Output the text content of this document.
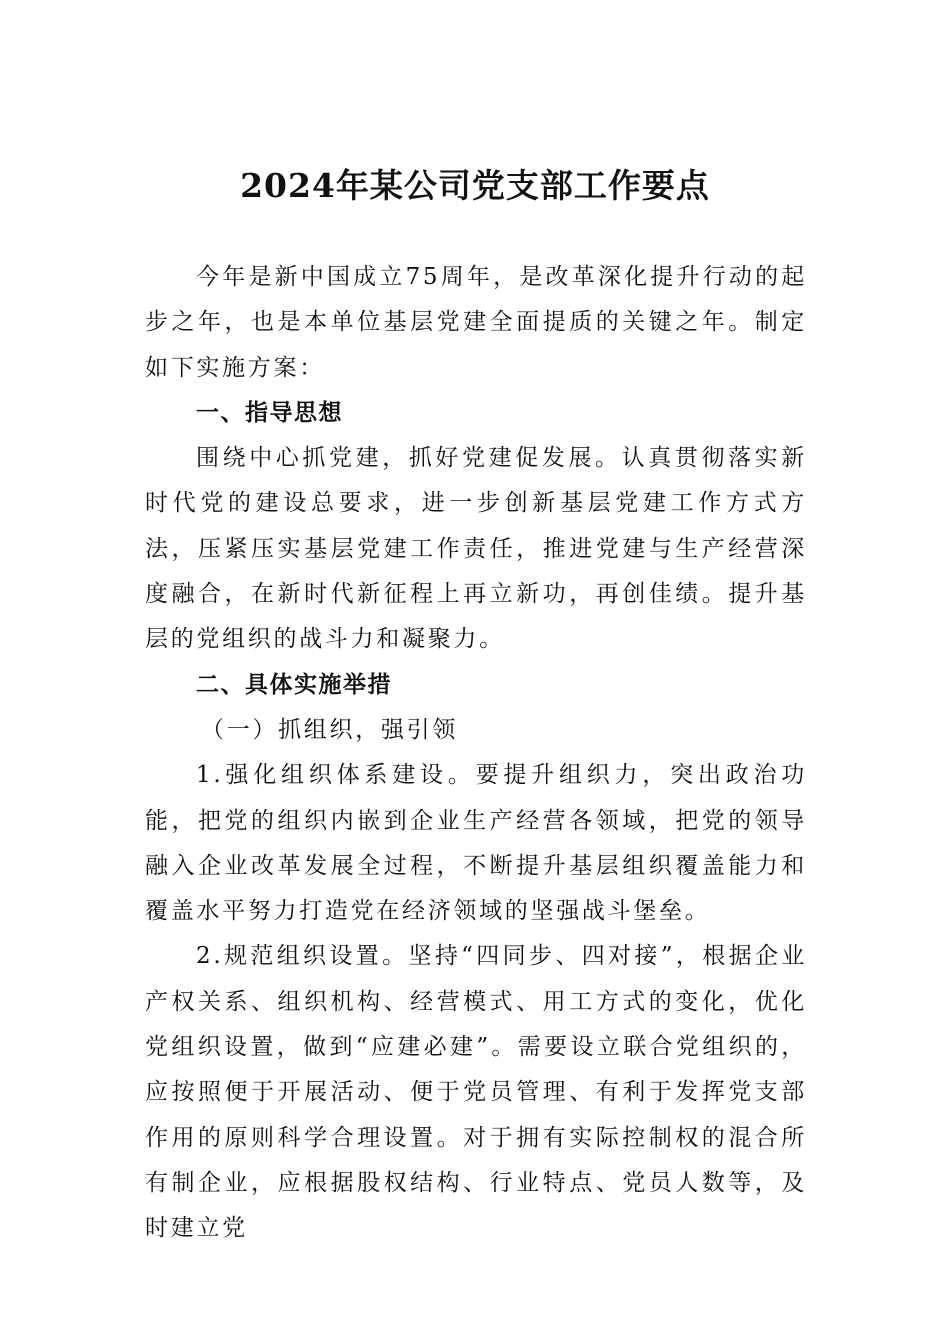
2024年某公司党支部工作要点

今年是新中国成立75周年，是改革深化提升行动的起步之年，也是本单位基层党建全面提质的关键之年。制定如下实施方案：

一、指导思想

围绕中心抓党建，抓好党建促发展。认真贯彻落实新时代党的建设总要求，进一步创新基层党建工作方式方法，压紧压实基层党建工作责任，推进党建与生产经营深度融合，在新时代新征程上再立新功，再创佳绩。提升基层的党组织的战斗力和凝聚力。

二、具体实施举措

（一）抓组织，强引领

1.强化组织体系建设。要提升组织力，突出政治功能，把党的组织内嵌到企业生产经营各领域，把党的领导融入企业改革发展全过程，不断提升基层组织覆盖能力和覆盖水平努力打造党在经济领域的坚强战斗堡垒。

2.规范组织设置。坚持“四同步、四对接”，根据企业产权关系、组织机构、经营模式、用工方式的变化，优化党组织设置，做到“应建必建”。需要设立联合党组织的，应按照便于开展活动、便于党员管理、有利于发挥党支部作用的原则科学合理设置。对于拥有实际控制权的混合所有制企业，应根据股权结构、行业特点、党员人数等，及时建立党
